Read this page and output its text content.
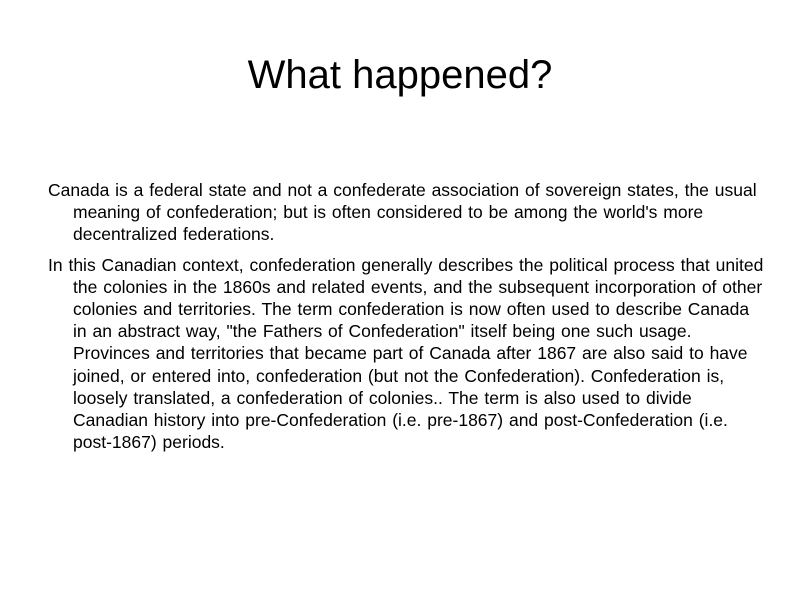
What happened?

Canada is a federal state and not a confederate association of sovereign states, the usual meaning of confederation; but is often considered to be among the world's more decentralized federations.

In this Canadian context, confederation generally describes the political process that united the colonies in the 1860s and related events, and the subsequent incorporation of other colonies and territories. The term confederation is now often used to describe Canada in an abstract way, "the Fathers of Confederation" itself being one such usage. Provinces and territories that became part of Canada after 1867 are also said to have joined, or entered into, confederation (but not the Confederation). Confederation is, loosely translated, a confederation of colonies.. The term is also used to divide Canadian history into pre-Confederation (i.e. pre-1867) and post-Confederation (i.e. post-1867) periods.
